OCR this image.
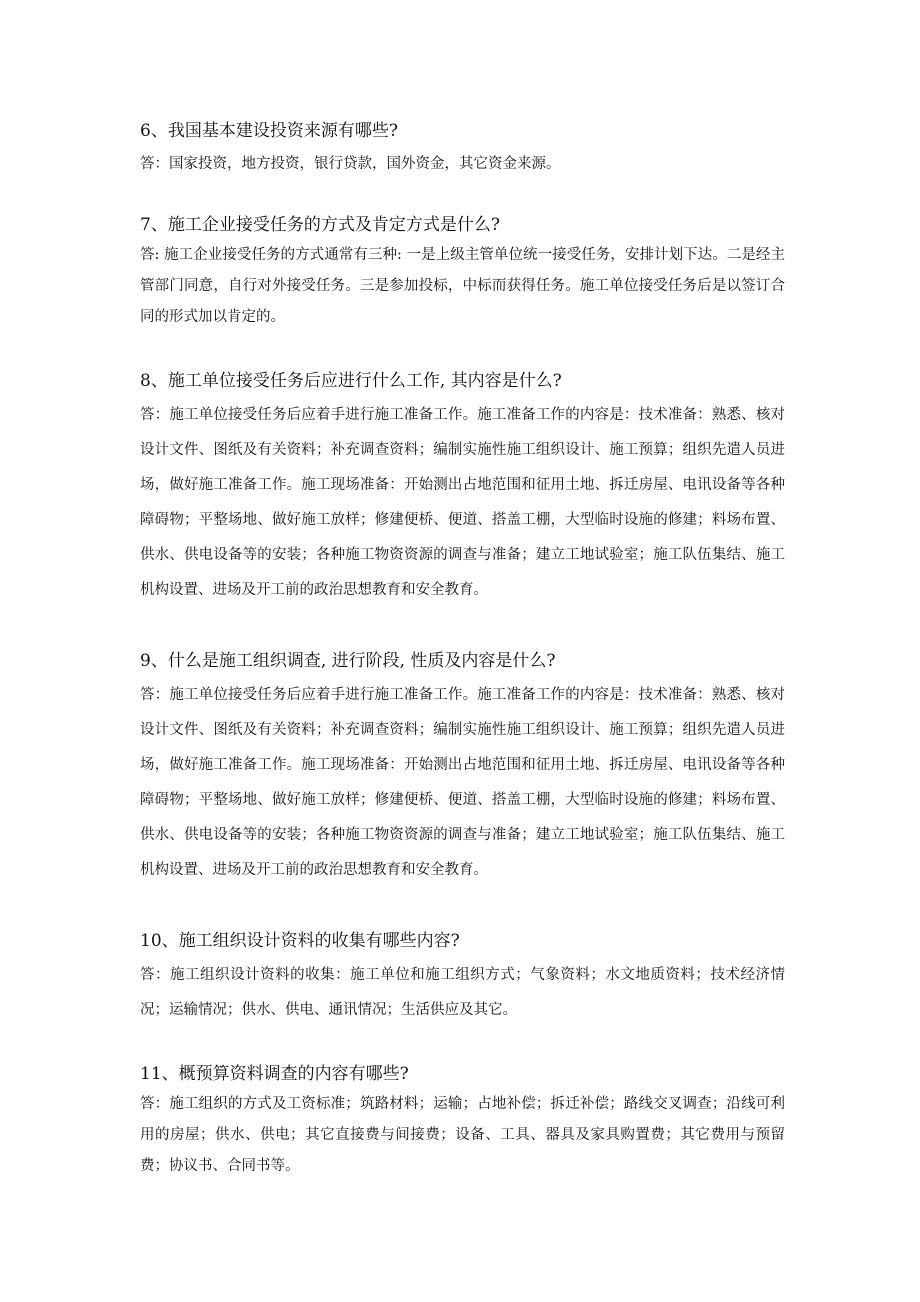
6、我国基本建设投资来源有哪些?

答：国家投资，地方投资，银行贷款，国外资金，其它资金来源。

7、施工企业接受任务的方式及肯定方式是什么?

答: 施工企业接受任务的方式通常有三种: 一是上级主管单位统一接受任务，安排计划下达。二是经主管部门同意，自行对外接受任务。三是参加投标，中标而获得任务。施工单位接受任务后是以签订合同的形式加以肯定的。

8、施工单位接受任务后应进行什么工作, 其内容是什么?

答：施工单位接受任务后应着手进行施工准备工作。施工准备工作的内容是：技术准备：熟悉、核对设计文件、图纸及有关资料；补充调查资料；编制实施性施工组织设计、施工预算；组织先遣人员进场，做好施工准备工作。施工现场准备：开始测出占地范围和征用土地、拆迁房屋、电讯设备等各种障碍物；平整场地、做好施工放样；修建便桥、便道、搭盖工棚，大型临时设施的修建；料场布置、供水、供电设备等的安装；各种施工物资资源的调查与准备；建立工地试验室；施工队伍集结、施工机构设置、进场及开工前的政治思想教育和安全教育。

9、什么是施工组织调查, 进行阶段, 性质及内容是什么?

答：施工单位接受任务后应着手进行施工准备工作。施工准备工作的内容是：技术准备：熟悉、核对设计文件、图纸及有关资料；补充调查资料；编制实施性施工组织设计、施工预算；组织先遣人员进场，做好施工准备工作。施工现场准备：开始测出占地范围和征用土地、拆迁房屋、电讯设备等各种障碍物；平整场地、做好施工放样；修建便桥、便道、搭盖工棚，大型临时设施的修建；料场布置、供水、供电设备等的安装；各种施工物资资源的调查与准备；建立工地试验室；施工队伍集结、施工机构设置、进场及开工前的政治思想教育和安全教育。

10、施工组织设计资料的收集有哪些内容?

答：施工组织设计资料的收集：施工单位和施工组织方式；气象资料；水文地质资料；技术经济情况；运输情况；供水、供电、通讯情况；生活供应及其它。

11、概预算资料调查的内容有哪些?

答：施工组织的方式及工资标准；筑路材料；运输；占地补偿；拆迁补偿；路线交叉调查；沿线可利用的房屋；供水、供电；其它直接费与间接费；设备、工具、器具及家具购置费；其它费用与预留费；协议书、合同书等。
